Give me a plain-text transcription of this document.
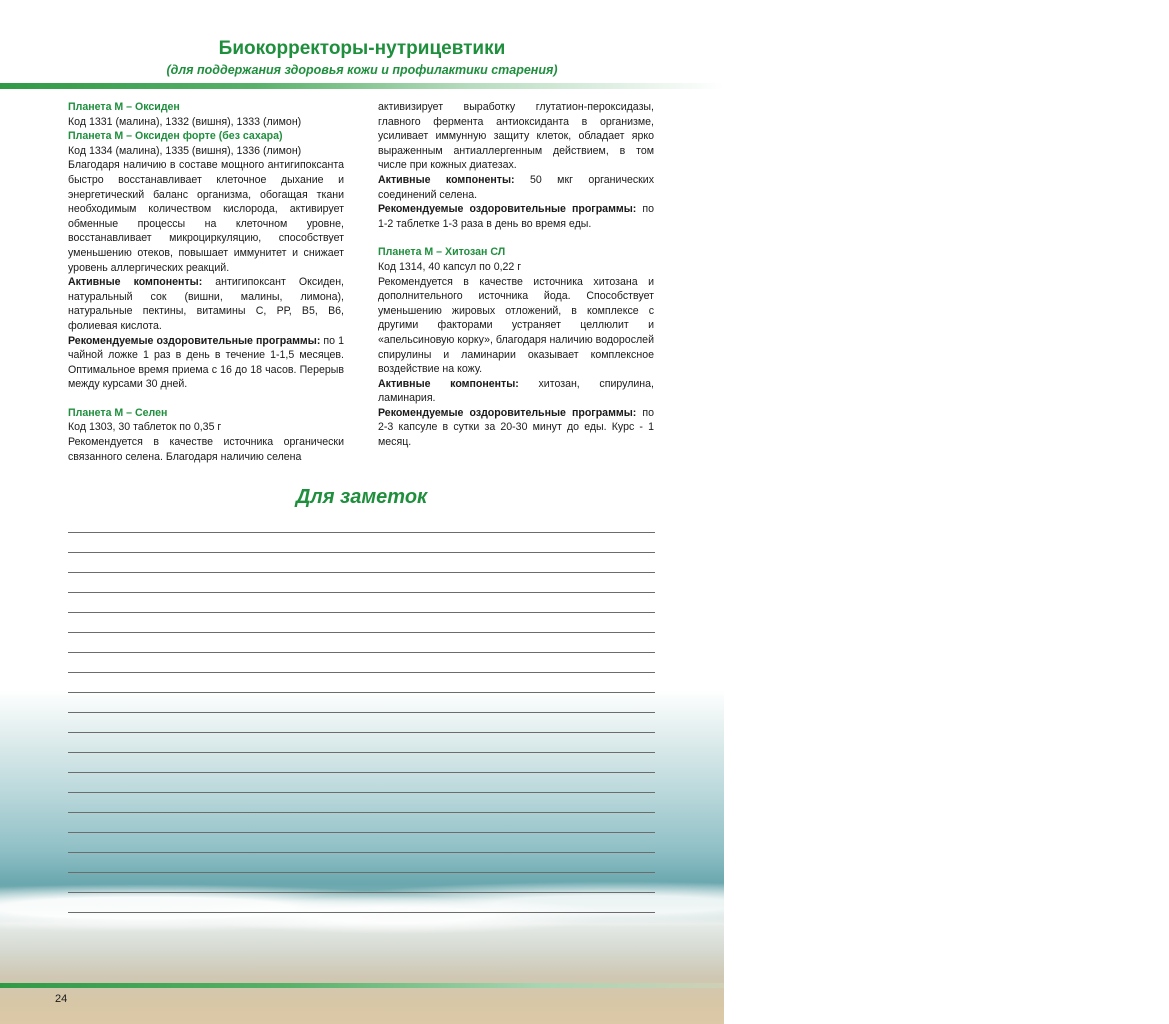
Биокорректоры-нутрицевтики
(для поддержания здоровья кожи и профилактики старения)

Планета М – Оксиден

Код 1331 (малина), 1332 (вишня), 1333 (лимон)

Планета М – Оксиден форте (без сахара)

Код 1334 (малина), 1335 (вишня), 1336 (лимон)

Благодаря наличию в составе мощного антигипоксанта быстро восстанавливает клеточное дыхание и энергетический баланс организма, обогащая ткани необходимым количеством кислорода, активирует обменные процессы на клеточном уровне, восстанавливает микроциркуляцию, способствует уменьшению отеков, повышает иммунитет и снижает уровень аллергических реакций.

Активные компоненты: антигипоксант Оксиден, натуральный сок (вишни, малины, лимона), натуральные пектины, витамины С, РР, В5, В6, фолиевая кислота.

Рекомендуемые оздоровительные программы: по 1 чайной ложке 1 раз в день в течение 1-1,5 месяцев. Оптимальное время приема с 16 до 18 часов. Перерыв между курсами 30 дней.

Планета М – Селен

Код 1303, 30 таблеток по 0,35 г

Рекомендуется в качестве источника органически связанного селена. Благодаря наличию селена

активизирует выработку глутатион-пероксидазы, главного фермента антиоксиданта в организме, усиливает иммунную защиту клеток, обладает ярко выраженным антиаллергенным действием, в том числе при кожных диатезах.

Активные компоненты: 50 мкг органических соединений селена.

Рекомендуемые оздоровительные программы: по 1-2 таблетке 1-3 раза в день во время еды.

Планета М – Хитозан СЛ

Код 1314, 40 капсул по 0,22 г

Рекомендуется в качестве источника хитозана и дополнительного источника йода. Способствует уменьшению жировых отложений, в комплексе с другими факторами устраняет целлюлит и «апельсиновую корку», благодаря наличию водорослей спирулины и ламинарии оказывает комплексное воздействие на кожу.

Активные компоненты: хитозан, спирулина, ламинария.

Рекомендуемые оздоровительные программы: по 2-3 капсуле в сутки за 20-30 минут до еды. Курс - 1 месяц.

Для заметок
24
